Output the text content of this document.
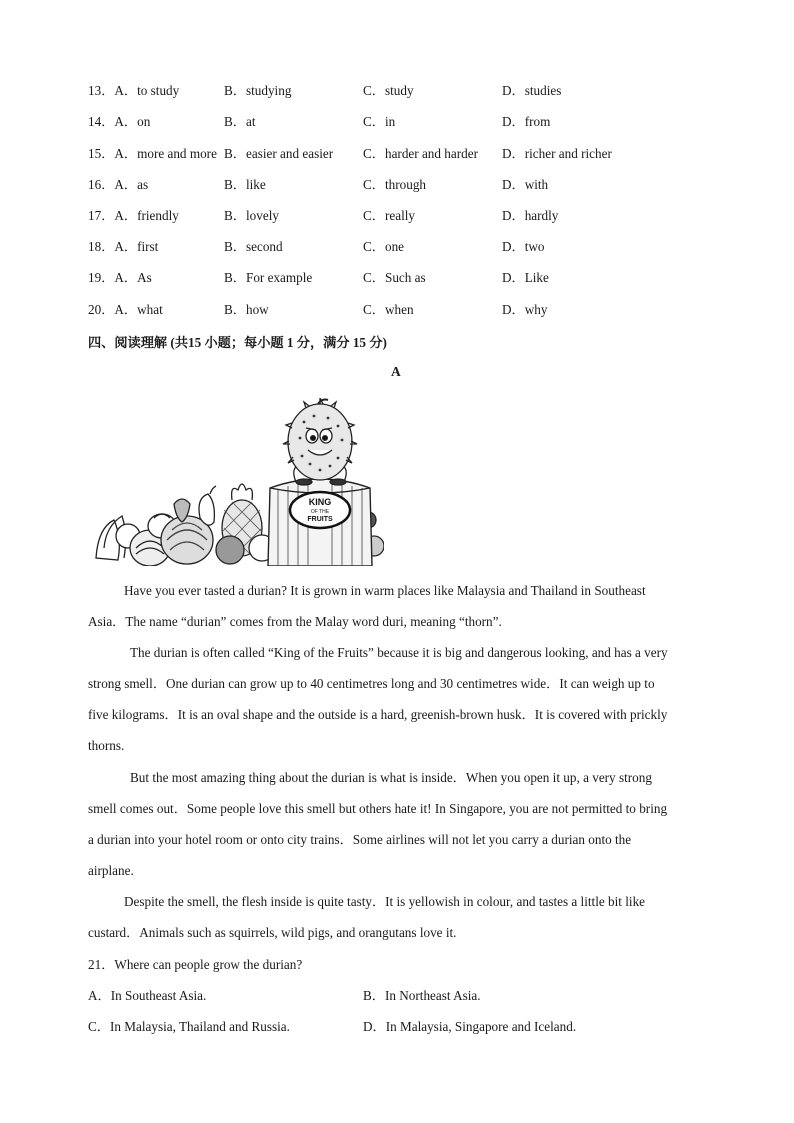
13．A．to study	B．studying	C．study	D．studies
14．A．on	B．at	C．in	D．from
15．A．more and more B．easier and easier C．harder and harder D．richer and richer
16．A．as	B．like	C．through	D．with
17．A．friendly	B．lovely	C．really	D．hardly
18．A．first	B．second	C．one	D．two
19．A．As	B．For example	C．Such as	D．Like
20．A．what	B．how	C．when	D．why
四、阅读理解 (共15 小题；每小题 1 分，满分 15 分)
A
KING
OF THE
FRUITS
Have you ever tasted a durian? It is grown in warm places like Malaysia and Thailand in Southeast
Asia．The name “durian” comes from the Malay word duri, meaning “thorn”.
The durian is often called “King of the Fruits” because it is big and dangerous looking, and has a very
strong smell．One durian can grow up to 40 centimetres long and 30 centimetres wide．It can weigh up to
five kilograms．It is an oval shape and the outside is a hard, greenish-brown husk．It is covered with prickly
thorns.
But the most amazing thing about the durian is what is inside．When you open it up, a very strong
smell comes out．Some people love this smell but others hate it! In Singapore, you are not permitted to bring
a durian into your hotel room or onto city trains．Some airlines will not let you carry a durian onto the
airplane.
Despite the smell, the flesh inside is quite tasty．It is yellowish in colour, and tastes a little bit like
custard．Animals such as squirrels, wild pigs, and orangutans love it.
21．Where can people grow the durian?
A．In Southeast Asia.	B．In Northeast Asia.
C．In Malaysia, Thailand and Russia.	D．In Malaysia, Singapore and Iceland.
